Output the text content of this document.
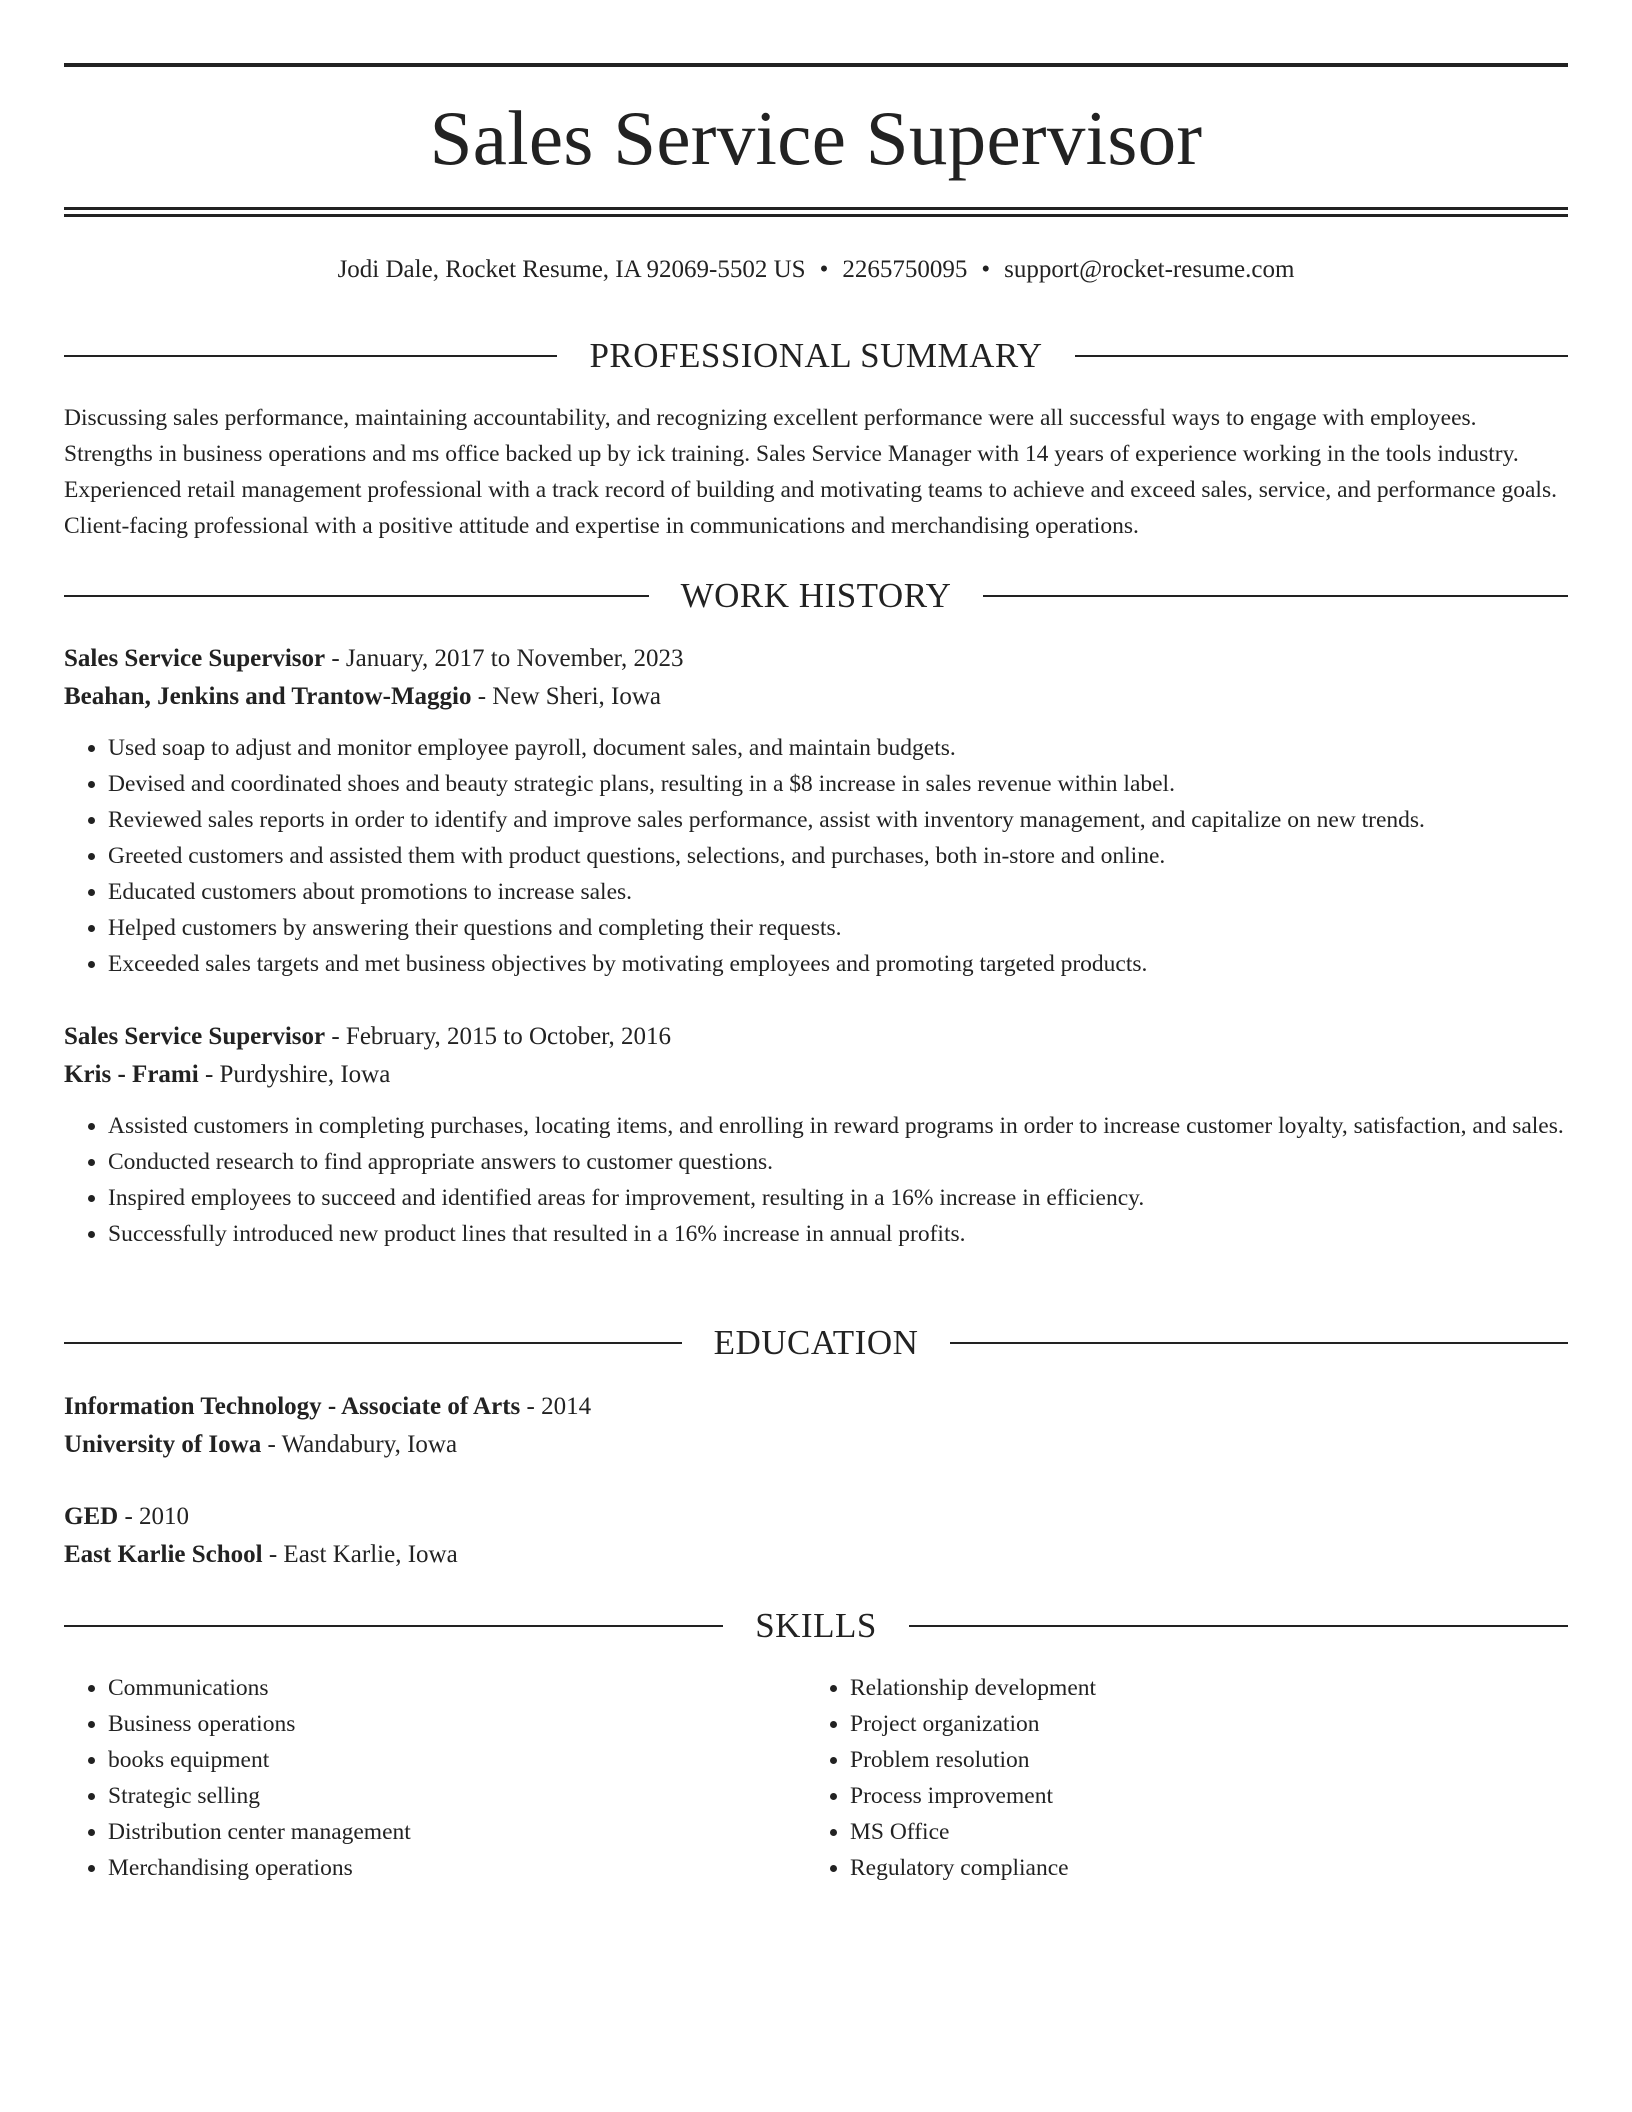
Sales Service Supervisor
Jodi Dale, Rocket Resume, IA 92069-5502 US • 2265750095 • support@rocket-resume.com
PROFESSIONAL SUMMARY
Discussing sales performance, maintaining accountability, and recognizing excellent performance were all successful ways to engage with employees. Strengths in business operations and ms office backed up by ick training. Sales Service Manager with 14 years of experience working in the tools industry. Experienced retail management professional with a track record of building and motivating teams to achieve and exceed sales, service, and performance goals. Client-facing professional with a positive attitude and expertise in communications and merchandising operations.
WORK HISTORY
Sales Service Supervisor - January, 2017 to November, 2023
Beahan, Jenkins and Trantow-Maggio - New Sheri, Iowa
• Used soap to adjust and monitor employee payroll, document sales, and maintain budgets.
• Devised and coordinated shoes and beauty strategic plans, resulting in a $8 increase in sales revenue within label.
• Reviewed sales reports in order to identify and improve sales performance, assist with inventory management, and capitalize on new trends.
• Greeted customers and assisted them with product questions, selections, and purchases, both in-store and online.
• Educated customers about promotions to increase sales.
• Helped customers by answering their questions and completing their requests.
• Exceeded sales targets and met business objectives by motivating employees and promoting targeted products.
Sales Service Supervisor - February, 2015 to October, 2016
Kris - Frami - Purdyshire, Iowa
• Assisted customers in completing purchases, locating items, and enrolling in reward programs in order to increase customer loyalty, satisfaction, and sales.
• Conducted research to find appropriate answers to customer questions.
• Inspired employees to succeed and identified areas for improvement, resulting in a 16% increase in efficiency.
• Successfully introduced new product lines that resulted in a 16% increase in annual profits.
EDUCATION
Information Technology - Associate of Arts - 2014
University of Iowa - Wandabury, Iowa
GED - 2010
East Karlie School - East Karlie, Iowa
SKILLS
• Communications
• Business operations
• books equipment
• Strategic selling
• Distribution center management
• Merchandising operations
• Relationship development
• Project organization
• Problem resolution
• Process improvement
• MS Office
• Regulatory compliance
